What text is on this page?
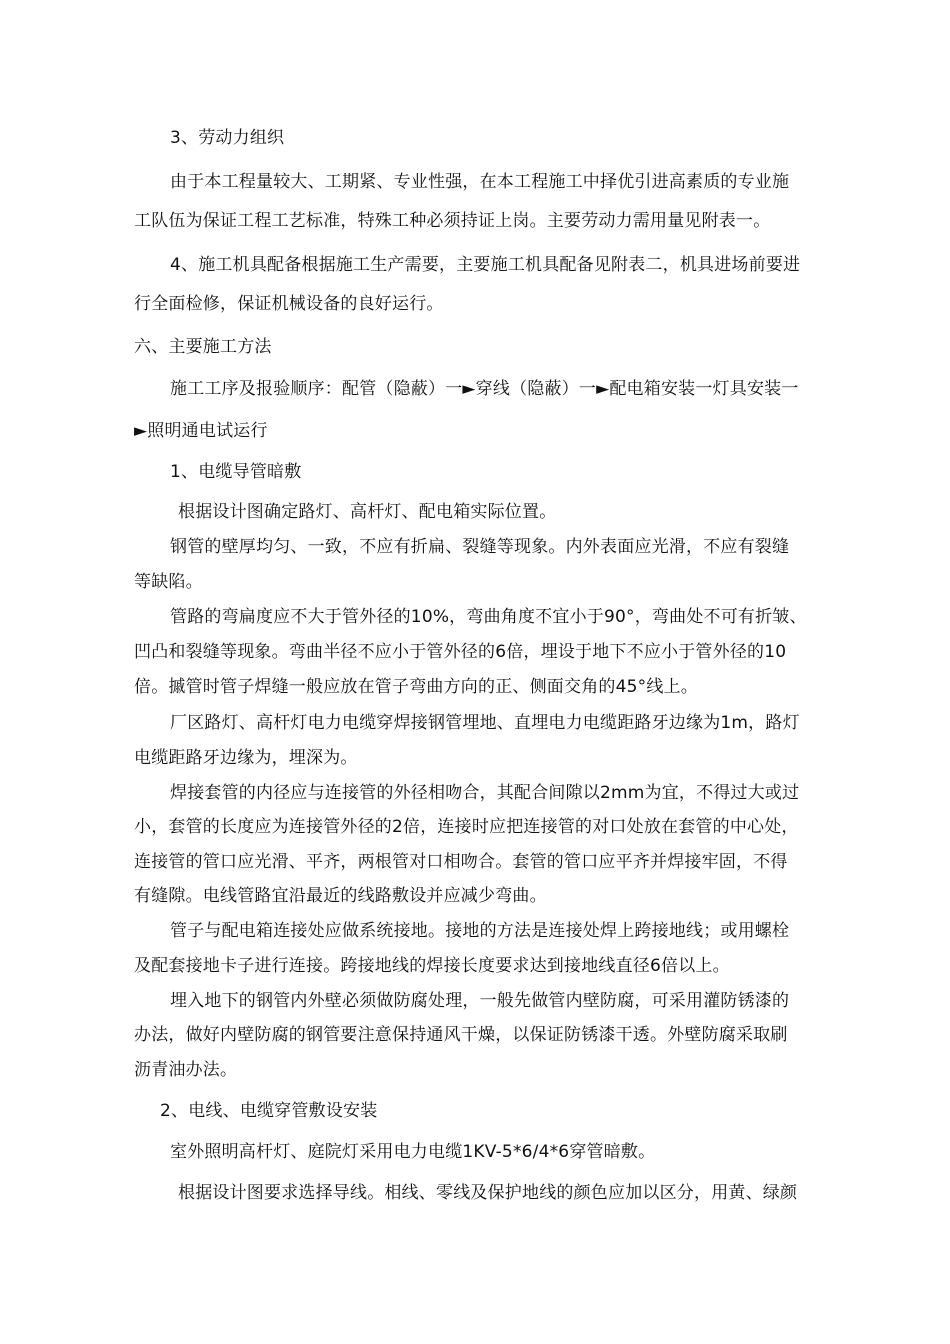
3、劳动力组织
由于本工程量较大、工期紧、专业性强，在本工程施工中择优引进高素质的专业施
工队伍为保证工程工艺标准，特殊工种必须持证上岗。主要劳动力需用量见附表一。
4、施工机具配备根据施工生产需要，主要施工机具配备见附表二，机具进场前要进
行全面检修，保证机械设备的良好运行。
六、主要施工方法
施工工序及报验顺序：配管（隐蔽）一►穿线（隐蔽）一►配电箱安装一灯具安装一
►照明通电试运行
1、电缆导管暗敷
根据设计图确定路灯、高杆灯、配电箱实际位置。
钢管的壁厚均匀、一致，不应有折扁、裂缝等现象。内外表面应光滑，不应有裂缝
等缺陷。
管路的弯扁度应不大于管外径的10%，弯曲角度不宜小于90°，弯曲处不可有折皱、
凹凸和裂缝等现象。弯曲半径不应小于管外径的6倍，埋设于地下不应小于管外径的10
倍。摵管时管子焊缝一般应放在管子弯曲方向的正、侧面交角的45°线上。
厂区路灯、高杆灯电力电缆穿焊接钢管埋地、直埋电力电缆距路牙边缘为1m，路灯
电缆距路牙边缘为，埋深为。
焊接套管的内径应与连接管的外径相吻合，其配合间隙以2mm为宜，不得过大或过
小，套管的长度应为连接管外径的2倍，连接时应把连接管的对口处放在套管的中心处，
连接管的管口应光滑、平齐，两根管对口相吻合。套管的管口应平齐并焊接牢固，不得
有缝隙。电线管路宜沿最近的线路敷设并应减少弯曲。
管子与配电箱连接处应做系统接地。接地的方法是连接处焊上跨接地线；或用螺栓
及配套接地卡子进行连接。跨接地线的焊接长度要求达到接地线直径6倍以上。
埋入地下的钢管内外壁必须做防腐处理，一般先做管内壁防腐，可采用灌防锈漆的
办法，做好内壁防腐的钢管要注意保持通风干燥，以保证防锈漆干透。外壁防腐采取刷
沥青油办法。
2、电线、电缆穿管敷设安装
室外照明高杆灯、庭院灯采用电力电缆1KV-5*6/4*6穿管暗敷。
根据设计图要求选择导线。相线、零线及保护地线的颜色应加以区分，用黄、绿颜
